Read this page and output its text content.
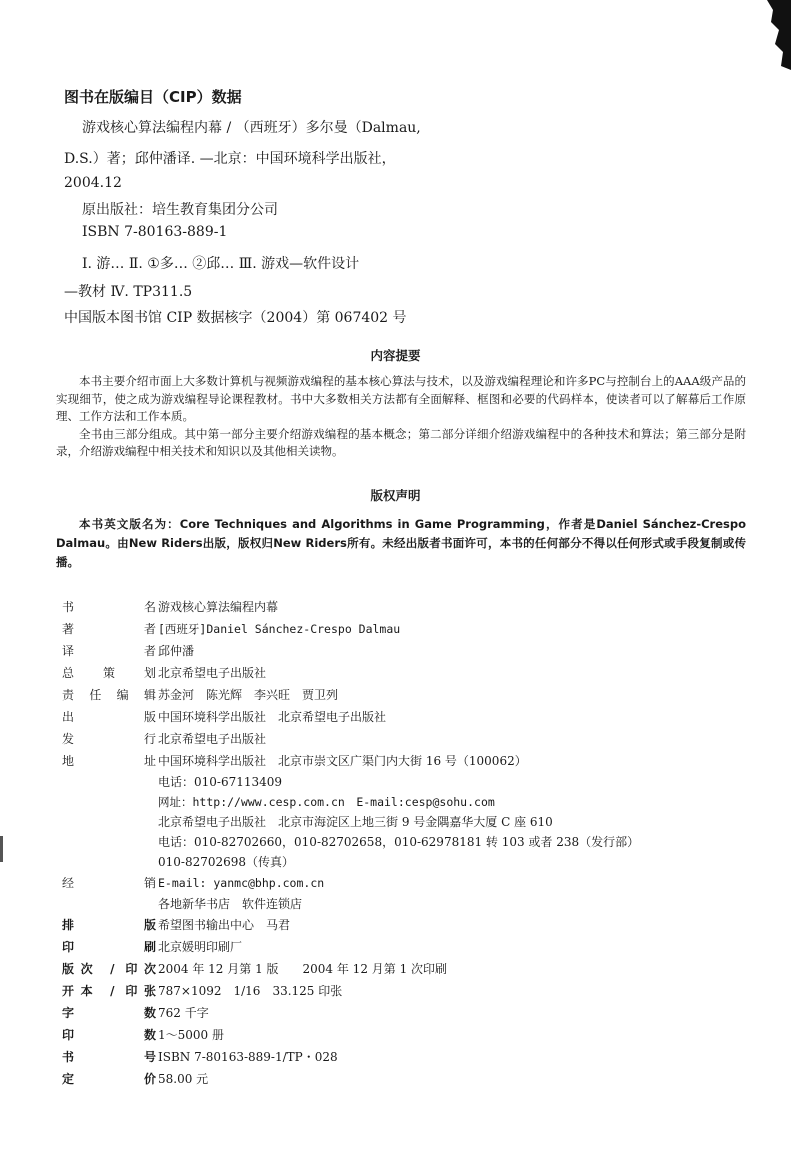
图书在版编目（CIP）数据
游戏核心算法编程内幕 / （西班牙）多尔曼（Dalmau,
D.S.）著；邱仲潘译. —北京：中国环境科学出版社，
2004.12
原出版社：培生教育集团分公司
ISBN 7-80163-889-1
Ⅰ. 游… Ⅱ. ①多… ②邱… Ⅲ. 游戏—软件设计
—教材 Ⅳ. TP311.5
中国版本图书馆 CIP 数据核字（2004）第 067402 号
内容提要

本书主要介绍市面上大多数计算机与视频游戏编程的基本核心算法与技术，以及游戏编程理论和许多PC与控制台上的AAA级产品的实现细节，使之成为游戏编程导论课程教材。书中大多数相关方法都有全面解释、框图和必要的代码样本，使读者可以了解幕后工作原理、工作方法和工作本质。

全书由三部分组成。其中第一部分主要介绍游戏编程的基本概念；第二部分详细介绍游戏编程中的各种技术和算法；第三部分是附录，介绍游戏编程中相关技术和知识以及其他相关读物。

版权声明
本书英文版名为：Core Techniques and Algorithms in Game Programming，作者是Daniel Sánchez-Crespo Dalmau。由New Riders出版，版权归New Riders所有。未经出版者书面许可，本书的任何部分不得以任何形式或手段复制或传播。
书名 游戏核心算法编程内幕
著者 [西班牙]Daniel Sánchez-Crespo Dalmau
译者 邱仲潘
总策划 北京希望电子出版社
责任编辑 苏金河　陈光辉　李兴旺　贾卫列
出版 中国环境科学出版社　北京希望电子出版社
发行 北京希望电子出版社
地址 中国环境科学出版社　北京市崇文区广渠门内大街 16 号（100062）
电话：010-67113409
网址：http://www.cesp.com.cn　E-mail:cesp@sohu.com
北京希望电子出版社　北京市海淀区上地三街 9 号金隅嘉华大厦 C 座 610
电话：010-82702660，010-82702658，010-62978181 转 103 或者 238（发行部）
010-82702698（传真）
经销 E-mail: yanmc@bhp.com.cn
各地新华书店　软件连锁店
排版 希望图书输出中心　马君
印刷 北京媛明印刷厂
版次 / 印次 2004 年 12 月第 1 版　　2004 年 12 月第 1 次印刷
开本 / 印张 787×1092　1/16　33.125 印张
字数 762 千字
印数 1～5000 册
书号 ISBN 7-80163-889-1/TP・028
定价 58.00 元
